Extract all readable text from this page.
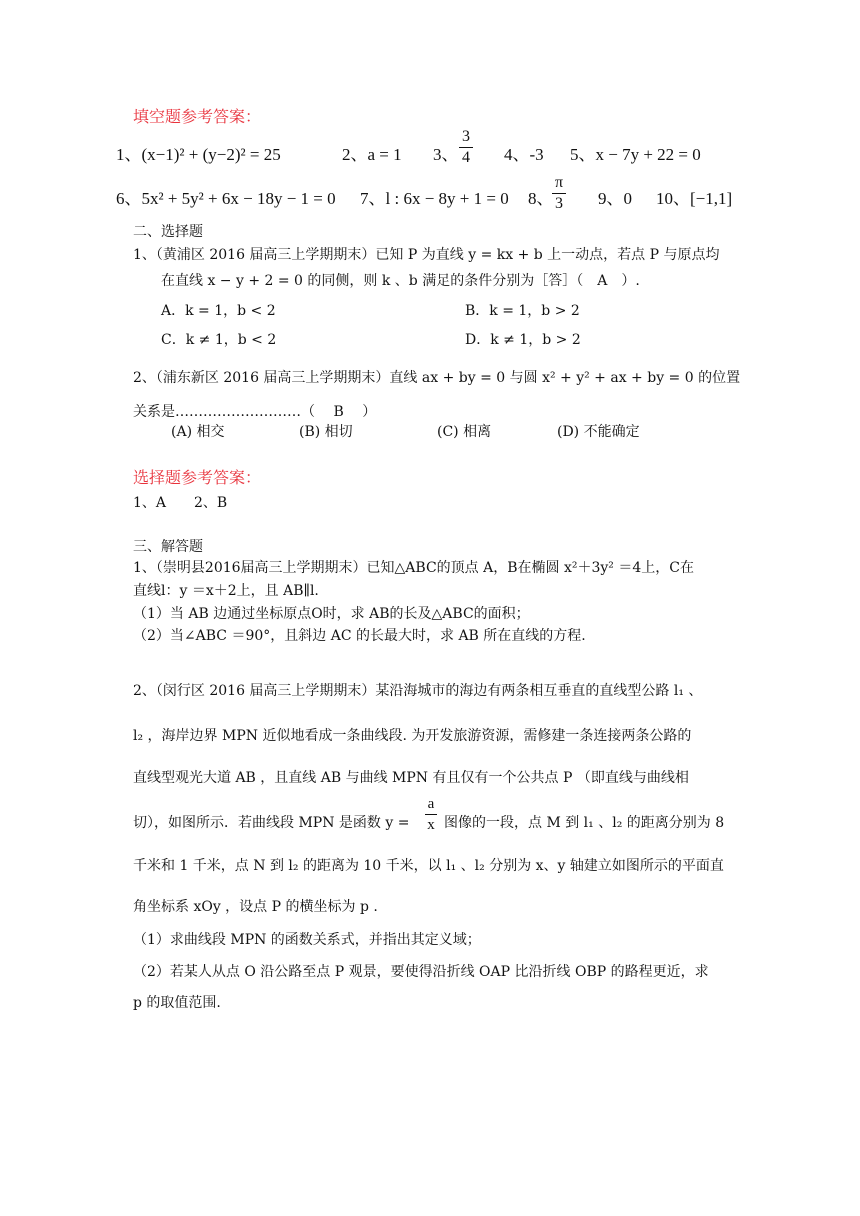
填空题参考答案：
1、(x−1)² + (y−2)² = 25	2、a = 1 3、
3
4 4、-3 5、x − 7y + 22 = 0
6、5x² + 5y² + 6x − 18y − 1 = 0 7、l : 6x − 8y + 1 = 0 8、
π
3 9、0 10、[−1,1]
二、选择题
1、（黄浦区 2016 届高三上学期期末）已知 P 为直线 y = kx + b 上一动点，若点 P 与原点均
在直线 x − y + 2 = 0 的同侧，则 k 、b 满足的条件分别为［答］（　A　）.
A．k = 1，b < 2	B．k = 1，b > 2
C．k ≠ 1，b < 2	D．k ≠ 1，b > 2
2、（浦东新区 2016 届高三上学期期末）直线 ax + by = 0 与圆 x² + y² + ax + by = 0 的位置
关系是………………………（　 B　 ）
(A) 相交	(B) 相切	(C) 相离	(D) 不能确定
选择题参考答案：
1、A　　2、B
三、解答题
1、（崇明县2016届高三上学期期末）已知△ABC的顶点 A，B在椭圆 x²＋3y² ＝4上，C在
直线l：y ＝x＋2上，且 AB∥l.
（1）当 AB 边通过坐标原点O时，求 AB的长及△ABC的面积；
（2）当∠ABC ＝90°，且斜边 AC 的长最大时，求 AB 所在直线的方程.
2、（闵行区 2016 届高三上学期期末）某沿海城市的海边有两条相互垂直的直线型公路 l₁ 、
l₂ ，海岸边界 MPN 近似地看成一条曲线段. 为开发旅游资源，需修建一条连接两条公路的
直线型观光大道 AB ，且直线 AB 与曲线 MPN 有且仅有一个公共点 P （即直线与曲线相
切），如图所示．若曲线段 MPN 是函数 y =
a
x 图像的一段，点 M 到 l₁ 、l₂ 的距离分别为 8
千米和 1 千米，点 N 到 l₂ 的距离为 10 千米，以 l₁ 、l₂ 分别为 x、y 轴建立如图所示的平面直
角坐标系 xOy ，设点 P 的横坐标为 p .
（1）求曲线段 MPN 的函数关系式，并指出其定义域；
（2）若某人从点 O 沿公路至点 P 观景，要使得沿折线 OAP 比沿折线 OBP 的路程更近，求
p 的取值范围.
